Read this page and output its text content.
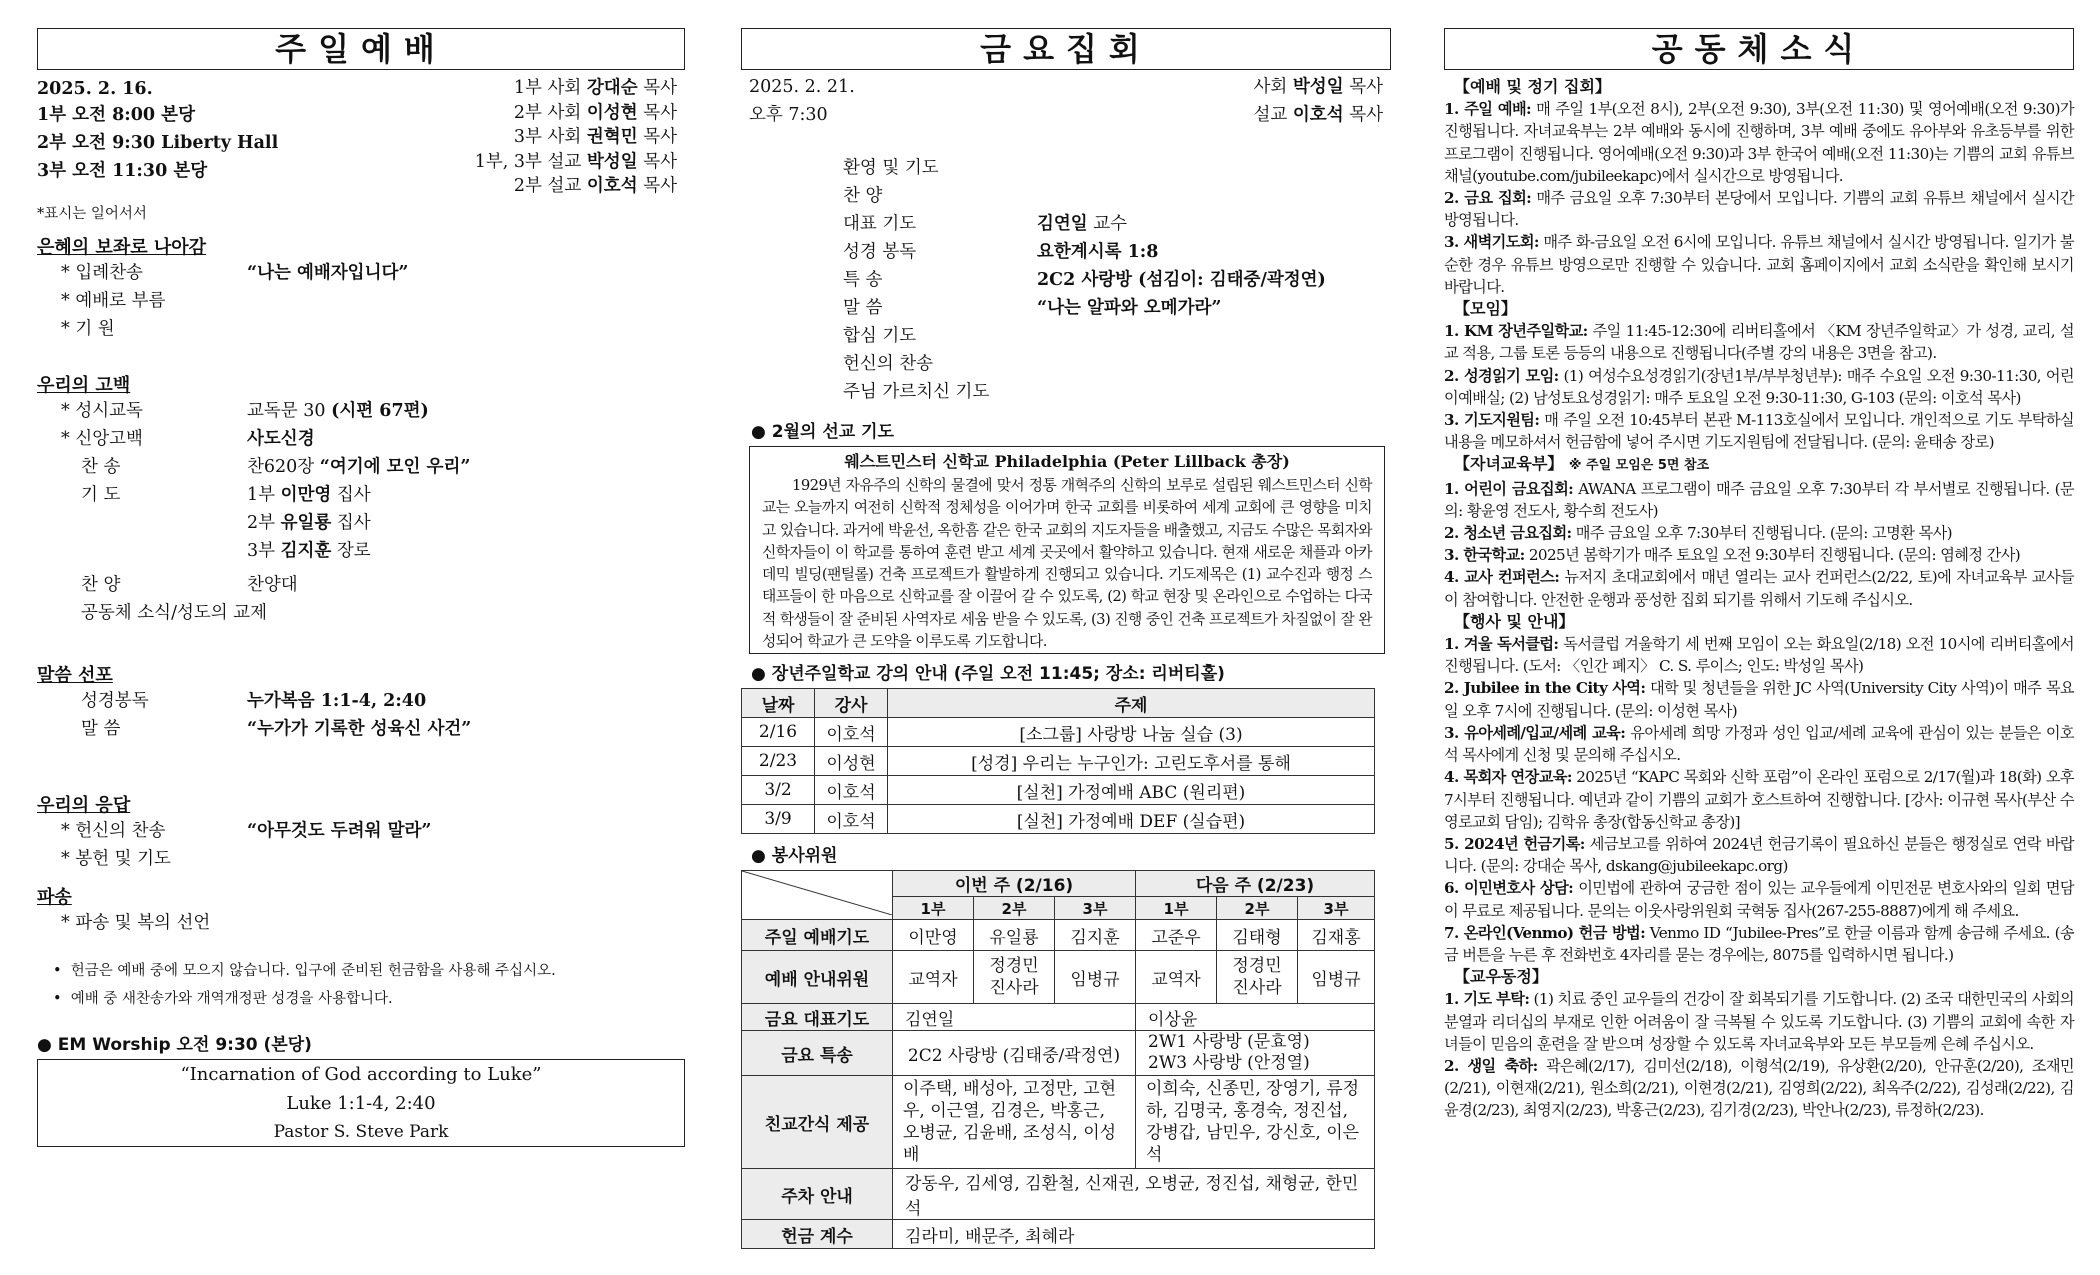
주일예배
2025. 2. 16.
1부 오전 8:00 본당
2부 오전 9:30 Liberty Hall
3부 오전 11:30 본당
1부 사회 강대순 목사
2부 사회 이성현 목사
3부 사회 권혁민 목사
1부, 3부 설교 박성일 목사
2부 설교 이호석 목사
*표시는 일어서서
은혜의 보좌로 나아감
* 입례찬송	“나는 예배자입니다”
* 예배로 부름
* 기 원
우리의 고백
* 성시교독	교독문 30 (시편 67편)
* 신앙고백	사도신경
찬 송	찬620장 “여기에 모인 우리”
기 도	1부 이만영 집사
2부 유일룡 집사
3부 김지훈 장로
찬 양	찬양대
공동체 소식/성도의 교제
말씀 선포
성경봉독	누가복음 1:1-4, 2:40
말 씀	“누가가 기록한 성육신 사건”
우리의 응답
* 헌신의 찬송	“아무것도 두려워 말라”
* 봉헌 및 기도
파송
* 파송 및 복의 선언
•  헌금은 예배 중에 모으지 않습니다. 입구에 준비된 헌금함을 사용해 주십시오.
•  예배 중 새찬송가와 개역개정판 성경을 사용합니다.
● EM Worship 오전 9:30 (본당)
“Incarnation of God according to Luke”
Luke 1:1-4, 2:40
Pastor S. Steve Park
금요집회
2025. 2. 21.
오후 7:30
사회 박성일 목사
설교 이호석 목사
환영 및 기도
찬 양
대표 기도	김연일 교수
성경 봉독	요한계시록 1:8
특 송	2C2 사랑방 (섬김이: 김태중/곽정연)
말 씀	“나는 알파와 오메가라”
합심 기도
헌신의 찬송
주님 가르치신 기도
● 2월의 선교 기도
웨스트민스터 신학교 Philadelphia (Peter Lillback 총장)
1929년 자유주의 신학의 물결에 맞서 정통 개혁주의 신학의 보루로 설립된 웨스트민스터 신학교는 오늘까지 여전히 신학적 정체성을 이어가며 한국 교회를 비롯하여 세계 교회에 큰 영향을 미치고 있습니다. 과거에 박윤선, 옥한흠 같은 한국 교회의 지도자들을 배출했고, 지금도 수많은 목회자와 신학자들이 이 학교를 통하여 훈련 받고 세계 곳곳에서 활약하고 있습니다. 현재 새로운 채플과 아카데믹 빌딩(팬틸롤) 건축 프로젝트가 활발하게 진행되고 있습니다. 기도제목은 (1) 교수진과 행정 스태프들이 한 마음으로 신학교를 잘 이끌어 갈 수 있도록, (2) 학교 현장 및 온라인으로 수업하는 다국적 학생들이 잘 준비된 사역자로 세움 받을 수 있도록, (3) 진행 중인 건축 프로젝트가 차질없이 잘 완성되어 학교가 큰 도약을 이루도록 기도합니다.
● 장년주일학교 강의 안내 (주일 오전 11:45; 장소: 리버티홀)
날짜	강사	주제
2/16	이호석	[소그룹] 사랑방 나눔 실습 (3)
2/23	이성현	[성경] 우리는 누구인가: 고린도후서를 통해
3/2	이호석	[실천] 가정예배 ABC (원리편)
3/9	이호석	[실천] 가정예배 DEF (실습편)
● 봉사위원
	이번 주 (2/16)			다음 주 (2/23)		
	1부	2부	3부	1부	2부	3부
주일 예배기도	이만영	유일룡	김지훈	고준우	김태형	김재홍
예배 안내위원	교역자	정경민 진사라	임병규	교역자	정경민 진사라	임병규
금요 대표기도	김연일			이상윤		
금요 특송	2C2 사랑방 (김태중/곽정연)			2W1 사랑방 (문효영)
2W3 사랑방 (안정열)		

친교간식 제공	이주택, 배성아, 고정만, 고현우, 이근열, 김경은, 박홍근, 오병균, 김윤배, 조성식, 이성배			이희숙, 신종민, 장영기, 류정하, 김명국, 홍경숙, 정진섭, 강병갑, 남민우, 강신호, 이은석		
주차 안내	강동우, 김세영, 김환철, 신재권, 오병균, 정진섭, 채형균, 한민석					
헌금 계수	김라미, 배문주, 최혜라					
공동체소식
【예배 및 정기 집회】

1. 주일 예배: 매 주일 1부(오전 8시), 2부(오전 9:30), 3부(오전 11:30) 및 영어예배(오전 9:30)가 진행됩니다. 자녀교육부는 2부 예배와 동시에 진행하며, 3부 예배 중에도 유아부와 유초등부를 위한 프로그램이 진행됩니다. 영어예배(오전 9:30)과 3부 한국어 예배(오전 11:30)는 기쁨의 교회 유튜브 채널(youtube.com/jubileekapc)에서 실시간으로 방영됩니다.

2. 금요 집회: 매주 금요일 오후 7:30부터 본당에서 모입니다. 기쁨의 교회 유튜브 채널에서 실시간 방영됩니다.

3. 새벽기도회: 매주 화-금요일 오전 6시에 모입니다. 유튜브 채널에서 실시간 방영됩니다. 일기가 불순한 경우 유튜브 방영으로만 진행할 수 있습니다. 교회 홈페이지에서 교회 소식란을 확인해 보시기 바랍니다.

【모임】

1. KM 장년주일학교: 주일 11:45-12:30에 리버티홀에서 〈KM 장년주일학교〉가 성경, 교리, 설교 적용, 그룹 토론 등등의 내용으로 진행됩니다(주별 강의 내용은 3면을 참고).

2. 성경읽기 모임: (1) 여성수요성경읽기(장년1부/부부청년부): 매주 수요일 오전 9:30-11:30, 어린이예배실; (2) 남성토요성경읽기: 매주 토요일 오전 9:30-11:30, G-103 (문의: 이호석 목사)

3. 기도지원팀: 매 주일 오전 10:45부터 본관 M-113호실에서 모입니다. 개인적으로 기도 부탁하실 내용을 메모하셔서 헌금함에 넣어 주시면 기도지원팀에 전달됩니다. (문의: 윤태송 장로)

【자녀교육부】 ※ 주일 모임은 5면 참조

1. 어린이 금요집회: AWANA 프로그램이 매주 금요일 오후 7:30부터 각 부서별로 진행됩니다. (문의: 황윤영 전도사, 황수희 전도사)

2. 청소년 금요집회: 매주 금요일 오후 7:30부터 진행됩니다. (문의: 고명환 목사)

3. 한국학교: 2025년 봄학기가 매주 토요일 오전 9:30부터 진행됩니다. (문의: 염혜정 간사)

4. 교사 컨퍼런스: 뉴저지 초대교회에서 매년 열리는 교사 컨퍼런스(2/22, 토)에 자녀교육부 교사들이 참여합니다. 안전한 운행과 풍성한 집회 되기를 위해서 기도해 주십시오.

【행사 및 안내】

1. 겨울 독서클럽: 독서클럽 겨울학기 세 번째 모임이 오는 화요일(2/18) 오전 10시에 리버티홀에서 진행됩니다. (도서: 〈인간 폐지〉 C. S. 루이스; 인도: 박성일 목사)

2. Jubilee in the City 사역: 대학 및 청년들을 위한 JC 사역(University City 사역)이 매주 목요일 오후 7시에 진행됩니다. (문의: 이성현 목사)

3. 유아세례/입교/세례 교육: 유아세례 희망 가정과 성인 입교/세례 교육에 관심이 있는 분들은 이호석 목사에게 신청 및 문의해 주십시오.

4. 목회자 연장교육: 2025년 “KAPC 목회와 신학 포럼”이 온라인 포럼으로 2/17(월)과 18(화) 오후 7시부터 진행됩니다. 예년과 같이 기쁨의 교회가 호스트하여 진행합니다. [강사: 이규현 목사(부산 수영로교회 담임); 김학유 총장(합동신학교 총장)]

5. 2024년 헌금기록: 세금보고를 위하여 2024년 헌금기록이 필요하신 분들은 행정실로 연락 바랍니다. (문의: 강대순 목사, dskang@jubileekapc.org)

6. 이민변호사 상담: 이민법에 관하여 궁금한 점이 있는 교우들에게 이민전문 변호사와의 일회 면담이 무료로 제공됩니다. 문의는 이웃사랑위원회 국혁동 집사(267-255-8887)에게 해 주세요.

7. 온라인(Venmo) 헌금 방법: Venmo ID “Jubilee-Pres”로 한글 이름과 함께 송금해 주세요. (송금 버튼을 누른 후 전화번호 4자리를 묻는 경우에는, 8075를 입력하시면 됩니다.)

【교우동정】

1. 기도 부탁: (1) 치료 중인 교우들의 건강이 잘 회복되기를 기도합니다. (2) 조국 대한민국의 사회의 분열과 리더십의 부재로 인한 어려움이 잘 극복될 수 있도록 기도합니다. (3) 기쁨의 교회에 속한 자녀들이 믿음의 훈련을 잘 받으며 성장할 수 있도록 자녀교육부와 모든 부모들께 은혜 주십시오.

2. 생일 축하: 곽은혜(2/17), 김미선(2/18), 이형석(2/19), 유상환(2/20), 안규훈(2/20), 조재민(2/21), 이현재(2/21), 원소희(2/21), 이현경(2/21), 김영희(2/22), 최옥주(2/22), 김성래(2/22), 김윤경(2/23), 최영지(2/23), 박홍근(2/23), 김기경(2/23), 박안나(2/23), 류정하(2/23).
